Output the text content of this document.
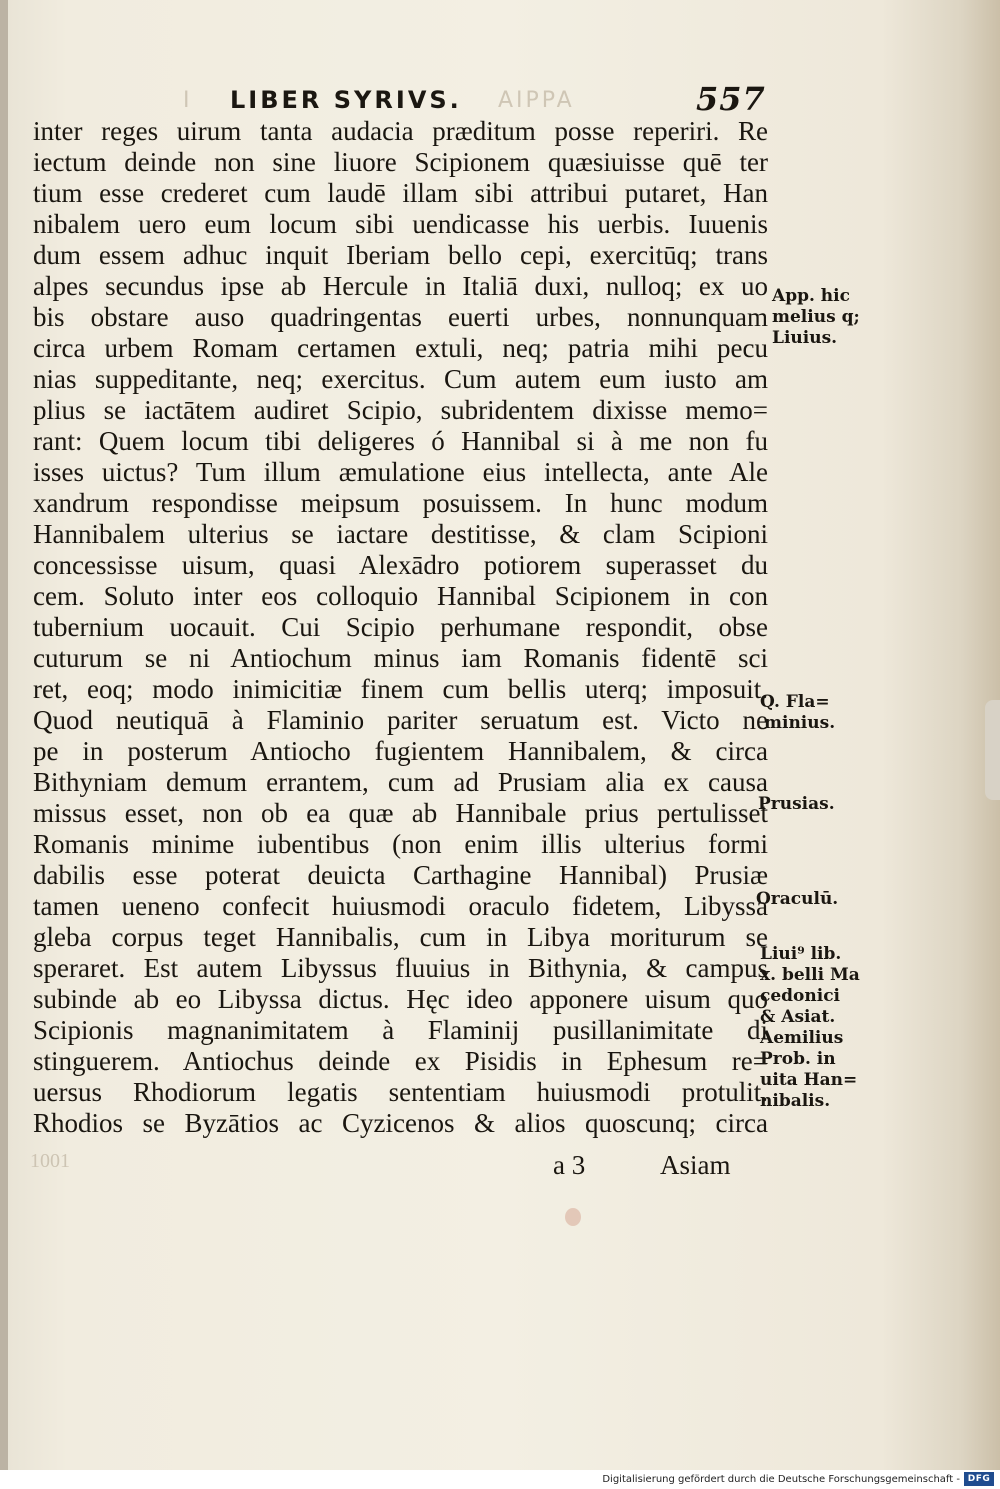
I	AIPPA
LIBER SYRIVS.	557
inter reges uirum tanta audacia præditum posse reperiri. Re
iectum deinde non sine liuore Scipionem quæsiuisse quē ter
tium esse crederet cum laudē illam sibi attribui putaret, Han
nibalem uero eum locum sibi uendicasse his uerbis. Iuuenis
dum essem adhuc inquit Iberiam bello cepi, exercitūq; trans
alpes secundus ipse ab Hercule in Italiā duxi, nulloq; ex uo
bis obstare auso quadringentas euerti urbes, nonnunquam
circa urbem Romam certamen extuli, neq; patria mihi pecu
nias suppeditante, neq; exercitus. Cum autem eum iusto am
plius se iactātem audiret Scipio, subridentem dixisse memo=
rant: Quem locum tibi deligeres ó Hannibal si à me non fu
isses uictus? Tum illum æmulatione eius intellecta, ante Ale
xandrum respondisse meipsum posuissem. In hunc modum
Hannibalem ulterius se iactare destitisse, & clam Scipioni
concessisse uisum, quasi Alexādro potiorem superasset du
cem. Soluto inter eos colloquio Hannibal Scipionem in con
tubernium uocauit. Cui Scipio perhumane respondit, obse
cuturum se ni Antiochum minus iam Romanis fidentē sci
ret, eoq; modo inimicitiæ finem cum bellis uterq; imposuit.
Quod neutiquā à Flaminio pariter seruatum est. Victo ne
pe in posterum Antiocho fugientem Hannibalem, & circa
Bithyniam demum errantem, cum ad Prusiam alia ex causa
missus esset, non ob ea quæ ab Hannibale prius pertulisset
Romanis minime iubentibus (non enim illis ulterius formi
dabilis esse poterat deuicta Carthagine Hannibal) Prusiæ
tamen ueneno confecit huiusmodi oraculo fidetem, Libyssa
gleba corpus teget Hannibalis, cum in Libya moriturum se
speraret. Est autem Libyssus fluuius in Bithynia, & campus
subinde ab eo Libyssa dictus. Hęc ideo apponere uisum quo
Scipionis magnanimitatem à Flaminij pusillanimitate di
stinguerem. Antiochus deinde ex Pisidis in Ephesum re=
uersus Rhodiorum legatis sententiam huiusmodi protulit.
Rhodios se Byzātios ac Cyzicenos & alios quoscunq; circa
App. hic
melius q;
Liuius.
Q. Fla=
minius.
Prusias.
Oraculū.
Liui⁹ lib.
x. belli Ma
cedonici
& Asiat.
Aemilius
Prob. in
uita Han=
nibalis.
1001	a 3	Asiam
Digitalisierung gefördert durch die Deutsche Forschungsgemeinschaft - DFG
